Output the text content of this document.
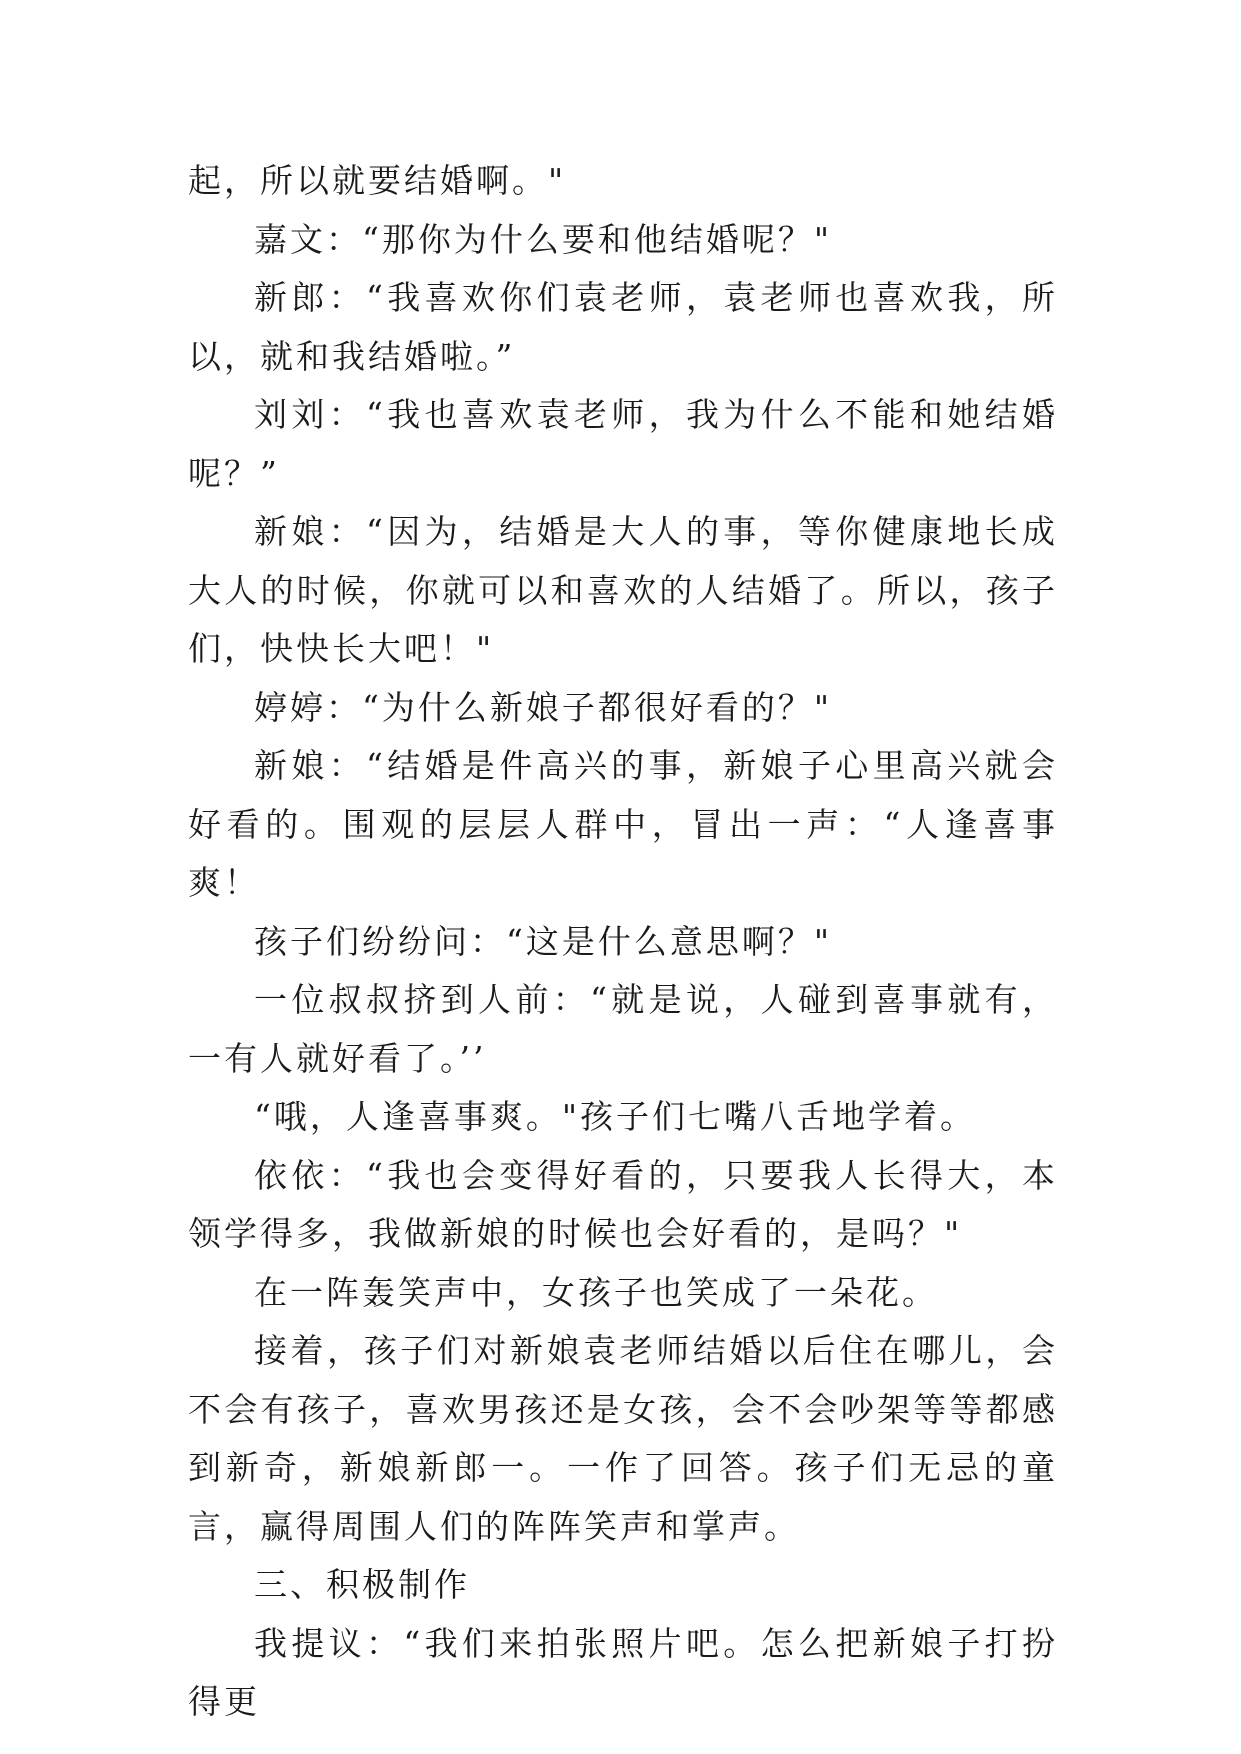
起，所以就要结婚啊。"

嘉文：“那你为什么要和他结婚呢？"

新郎：“我喜欢你们袁老师，袁老师也喜欢我，所以，就和我结婚啦。”

刘刘：“我也喜欢袁老师，我为什么不能和她结婚呢？”

新娘：“因为，结婚是大人的事，等你健康地长成大人的时候，你就可以和喜欢的人结婚了。所以，孩子们，快快长大吧！"

婷婷：“为什么新娘子都很好看的？"

新娘：“结婚是件高兴的事，新娘子心里高兴就会好看的。围观的层层人群中，冒出一声：“人逢喜事爽！

孩子们纷纷问：“这是什么意思啊？"

一位叔叔挤到人前：“就是说，人碰到喜事就有，一有人就好看了。’’

“哦，人逢喜事爽。"孩子们七嘴八舌地学着。

依依：“我也会变得好看的，只要我人长得大，本领学得多，我做新娘的时候也会好看的，是吗？"

在一阵轰笑声中，女孩子也笑成了一朵花。

接着，孩子们对新娘袁老师结婚以后住在哪儿，会不会有孩子，喜欢男孩还是女孩，会不会吵架等等都感到新奇，新娘新郎一。一作了回答。孩子们无忌的童言，赢得周围人们的阵阵笑声和掌声。

三、积极制作

我提议：“我们来拍张照片吧。怎么把新娘子打扮得更
